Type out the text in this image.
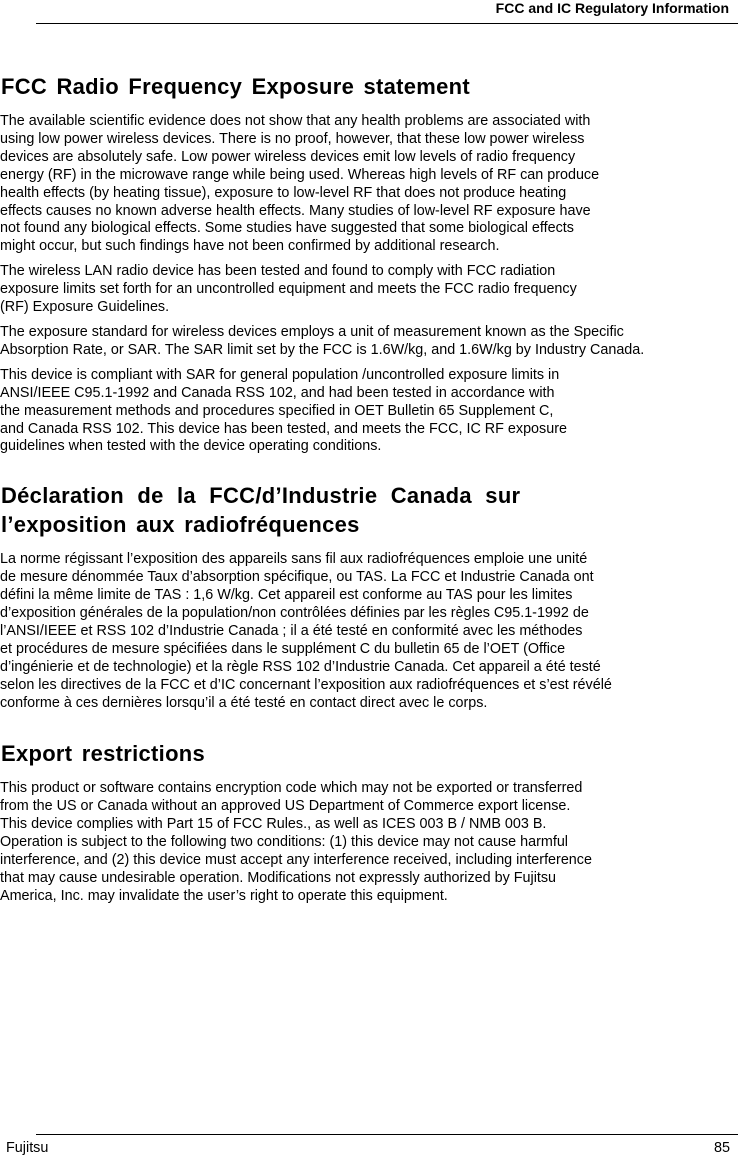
FCC and IC Regulatory Information
FCC Radio Frequency Exposure statement

The available scientific evidence does not show that any health problems are associated with
using low power wireless devices. There is no proof, however, that these low power wireless
devices are absolutely safe. Low power wireless devices emit low levels of radio frequency
energy (RF) in the microwave range while being used. Whereas high levels of RF can produce
health effects (by heating tissue), exposure to low-level RF that does not produce heating
effects causes no known adverse health effects. Many studies of low-level RF exposure have
not found any biological effects. Some studies have suggested that some biological effects
might occur, but such findings have not been confirmed by additional research.

The wireless LAN radio device has been tested and found to comply with FCC radiation
exposure limits set forth for an uncontrolled equipment and meets the FCC radio frequency
(RF) Exposure Guidelines.

The exposure standard for wireless devices employs a unit of measurement known as the Specific
Absorption Rate, or SAR. The SAR limit set by the FCC is 1.6W/kg, and 1.6W/kg by Industry Canada.

This device is compliant with SAR for general population /uncontrolled exposure limits in
ANSI/IEEE C95.1-1992 and Canada RSS 102, and had been tested in accordance with
the measurement methods and procedures specified in OET Bulletin 65 Supplement C,
and Canada RSS 102. This device has been tested, and meets the FCC, IC RF exposure
guidelines when tested with the device operating conditions.

Déclaration de la FCC/d’Industrie Canada sur
l’exposition aux radiofréquences

La norme régissant l’exposition des appareils sans fil aux radiofréquences emploie une unité
de mesure dénommée Taux d’absorption spécifique, ou TAS. La FCC et Industrie Canada ont
défini la même limite de TAS : 1,6 W/kg. Cet appareil est conforme au TAS pour les limites
d’exposition générales de la population/non contrôlées définies par les règles C95.1-1992 de
l’ANSI/IEEE et RSS 102 d’Industrie Canada ; il a été testé en conformité avec les méthodes
et procédures de mesure spécifiées dans le supplément C du bulletin 65 de l’OET (Office
d’ingénierie et de technologie) et la règle RSS 102 d’Industrie Canada. Cet appareil a été testé
selon les directives de la FCC et d’IC concernant l’exposition aux radiofréquences et s’est révélé
conforme à ces dernières lorsqu’il a été testé en contact direct avec le corps.

Export restrictions

This product or software contains encryption code which may not be exported or transferred
from the US or Canada without an approved US Department of Commerce export license.
This device complies with Part 15 of FCC Rules., as well as ICES 003 B / NMB 003 B.
Operation is subject to the following two conditions: (1) this device may not cause harmful
interference, and (2) this device must accept any interference received, including interference
that may cause undesirable operation. Modifications not expressly authorized by Fujitsu
America, Inc. may invalidate the user’s right to operate this equipment.

Fujitsu	85
